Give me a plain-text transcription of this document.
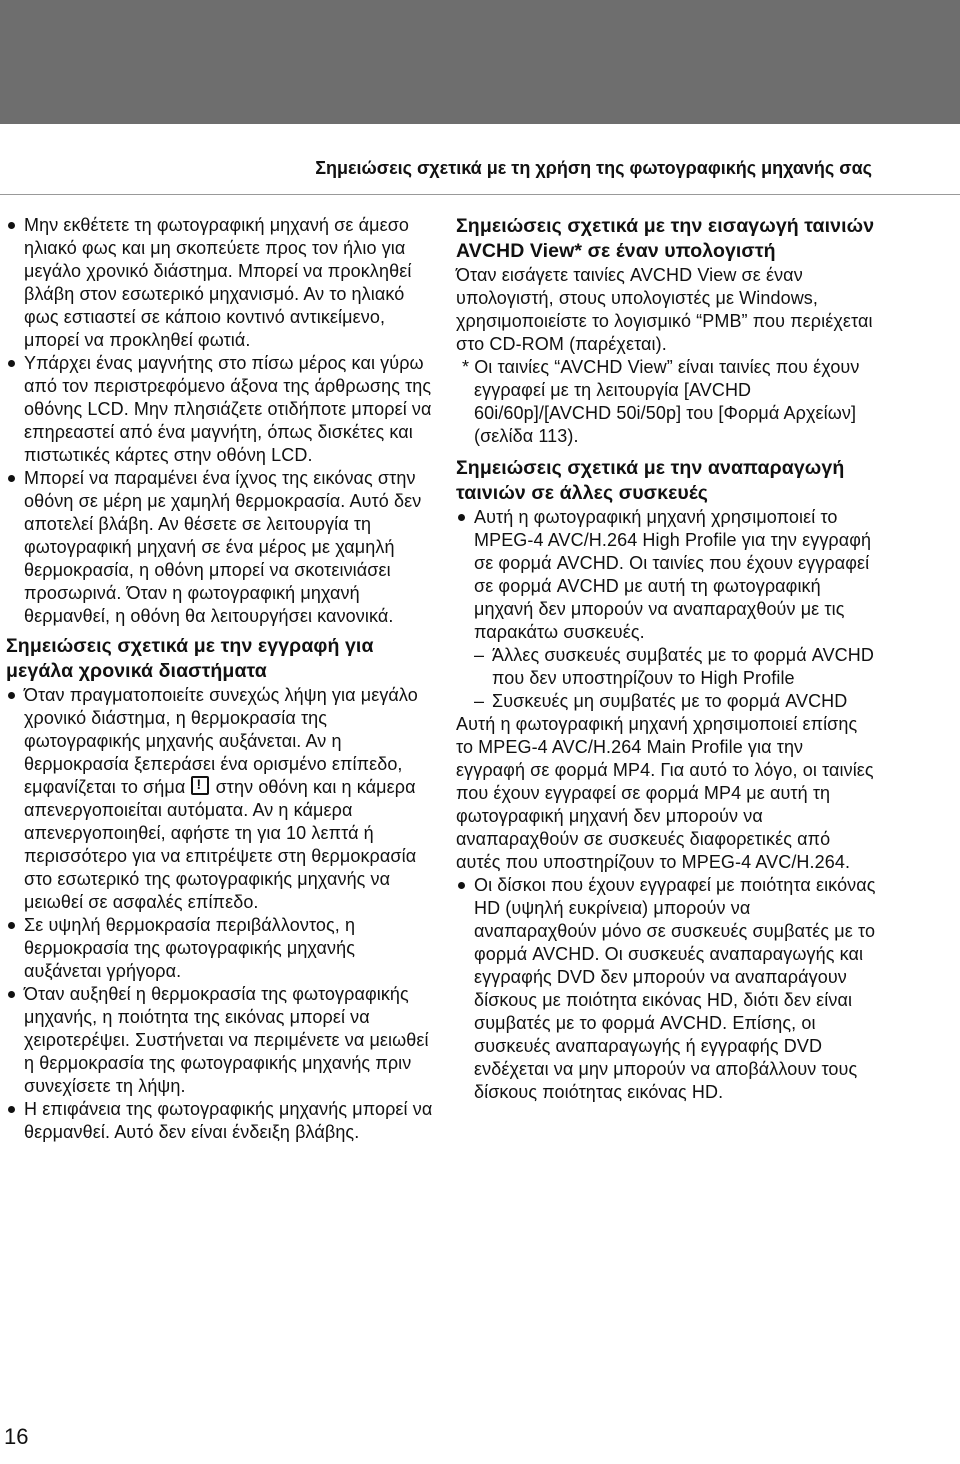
Σημειώσεις σχετικά με τη χρήση της φωτογραφικής μηχανής σας
Μην εκθέτετε τη φωτογραφική μηχανή σε άμεσο ηλιακό φως και μη σκοπεύετε προς τον ήλιο για μεγάλο χρονικό διάστημα. Μπορεί να προκληθεί βλάβη στον εσωτερικό μηχανισμό. Αν το ηλιακό φως εστιαστεί σε κάποιο κοντινό αντικείμενο, μπορεί να προκληθεί φωτιά.
Υπάρχει ένας μαγνήτης στο πίσω μέρος και γύρω από τον περιστρεφόμενο άξονα της άρθρωσης της οθόνης LCD. Μην πλησιάζετε οτιδήποτε μπορεί να επηρεαστεί από ένα μαγνήτη, όπως δισκέτες και πιστωτικές κάρτες στην οθόνη LCD.
Μπορεί να παραμένει ένα ίχνος της εικόνας στην οθόνη σε μέρη με χαμηλή θερμοκρασία. Αυτό δεν αποτελεί βλάβη. Αν θέσετε σε λειτουργία τη φωτογραφική μηχανή σε ένα μέρος με χαμηλή θερμοκρασία, η οθόνη μπορεί να σκοτεινιάσει προσωρινά. Όταν η φωτογραφική μηχανή θερμανθεί, η οθόνη θα λειτουργήσει κανονικά.
Σημειώσεις σχετικά με την εγγραφή για μεγάλα χρονικά διαστήματα
Όταν πραγματοποιείτε συνεχώς λήψη για μεγάλο χρονικό διάστημα, η θερμοκρασία της φωτογραφικής μηχανής αυξάνεται. Αν η θερμοκρασία ξεπεράσει ένα ορισμένο επίπεδο, εμφανίζεται το σήμα ! στην οθόνη και η κάμερα απενεργοποιείται αυτόματα. Αν η κάμερα απενεργοποιηθεί, αφήστε τη για 10 λεπτά ή περισσότερο για να επιτρέψετε στη θερμοκρασία στο εσωτερικό της φωτογραφικής μηχανής να μειωθεί σε ασφαλές επίπεδο.
Σε υψηλή θερμοκρασία περιβάλλοντος, η θερμοκρασία της φωτογραφικής μηχανής αυξάνεται γρήγορα.
Όταν αυξηθεί η θερμοκρασία της φωτογραφικής μηχανής, η ποιότητα της εικόνας μπορεί να χειροτερέψει. Συστήνεται να περιμένετε να μειωθεί η θερμοκρασία της φωτογραφικής μηχανής πριν συνεχίσετε τη λήψη.
Η επιφάνεια της φωτογραφικής μηχανής μπορεί να θερμανθεί. Αυτό δεν είναι ένδειξη βλάβης.
Σημειώσεις σχετικά με την εισαγωγή ταινιών AVCHD View* σε έναν υπολογιστή
Όταν εισάγετε ταινίες AVCHD View σε έναν υπολογιστή, στους υπολογιστές με Windows, χρησιμοποιείστε το λογισμικό “PMB” που περιέχεται στο CD-ROM (παρέχεται).
* Οι ταινίες “AVCHD View” είναι ταινίες που έχουν εγγραφεί με τη λειτουργία [AVCHD 60i/60p]/[AVCHD 50i/50p] του [Φορμά Αρχείων] (σελίδα 113).
Σημειώσεις σχετικά με την αναπαραγωγή ταινιών σε άλλες συσκευές
Αυτή η φωτογραφική μηχανή χρησιμοποιεί το MPEG-4 AVC/H.264 High Profile για την εγγραφή σε φορμά AVCHD. Οι ταινίες που έχουν εγγραφεί σε φορμά AVCHD με αυτή τη φωτογραφική μηχανή δεν μπορούν να αναπαραχθούν με τις παρακάτω συσκευές.
– Άλλες συσκευές συμβατές με το φορμά AVCHD που δεν υποστηρίζουν το High Profile
– Συσκευές μη συμβατές με το φορμά AVCHD
Αυτή η φωτογραφική μηχανή χρησιμοποιεί επίσης το MPEG-4 AVC/H.264 Main Profile για την εγγραφή σε φορμά MP4. Για αυτό το λόγο, οι ταινίες που έχουν εγγραφεί σε φορμά MP4 με αυτή τη φωτογραφική μηχανή δεν μπορούν να αναπαραχθούν σε συσκευές διαφορετικές από αυτές που υποστηρίζουν το MPEG-4 AVC/H.264.
Οι δίσκοι που έχουν εγγραφεί με ποιότητα εικόνας HD (υψηλή ευκρίνεια) μπορούν να αναπαραχθούν μόνο σε συσκευές συμβατές με το φορμά AVCHD. Οι συσκευές αναπαραγωγής και εγγραφής DVD δεν μπορούν να αναπαράγουν δίσκους με ποιότητα εικόνας HD, διότι δεν είναι συμβατές με το φορμά AVCHD. Επίσης, οι συσκευές αναπαραγωγής ή εγγραφής DVD ενδέχεται να μην μπορούν να αποβάλλουν τους δίσκους ποιότητας εικόνας HD.
16
